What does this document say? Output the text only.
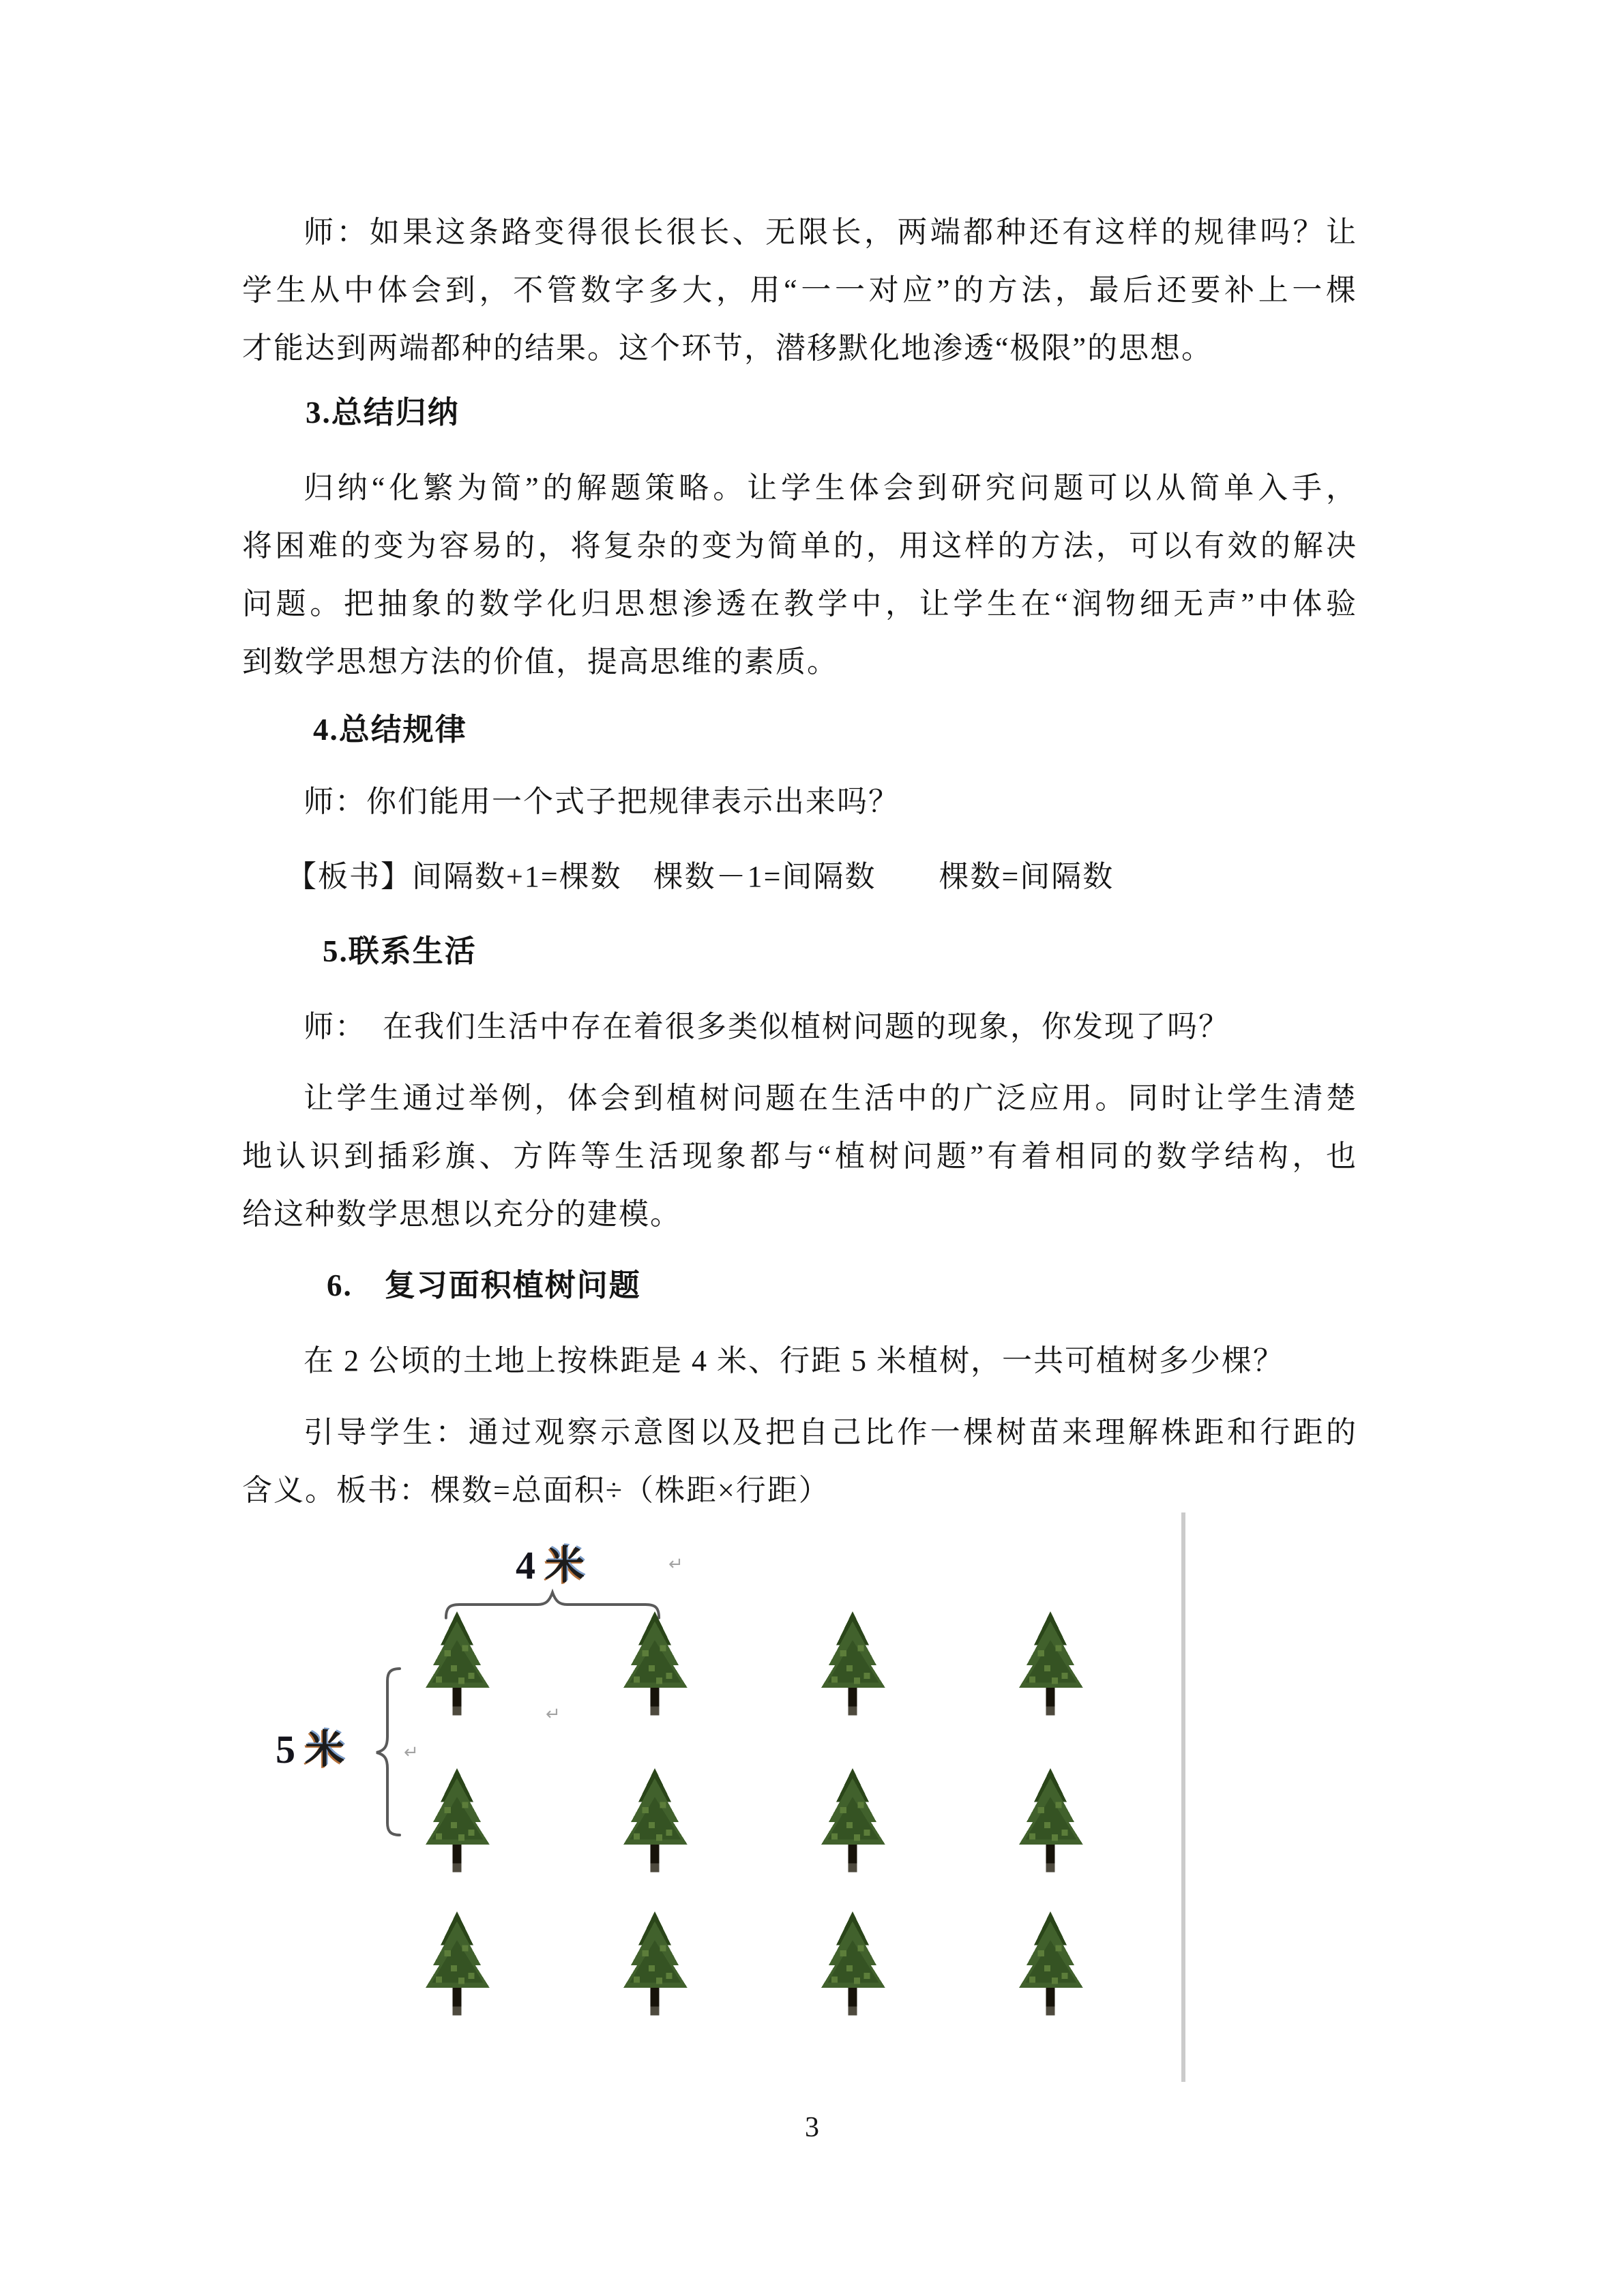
师：如果这条路变得很长很长、无限长，两端都种还有这样的规律吗？让
学生从中体会到，不管数字多大，用“一一对应”的方法，最后还要补上一棵
才能达到两端都种的结果。这个环节，潜移默化地渗透“极限”的思想。
3.总结归纳
归纳“化繁为简”的解题策略。让学生体会到研究问题可以从简单入手，
将困难的变为容易的，将复杂的变为简单的，用这样的方法，可以有效的解决
问题。把抽象的数学化归思想渗透在教学中，让学生在“润物细无声”中体验
到数学思想方法的价值，提高思维的素质。
4.总结规律
师：你们能用一个式子把规律表示出来吗？
【板书】间隔数+1=棵数　棵数－1=间隔数　　棵数=间隔数
5.联系生活
师：　在我们生活中存在着很多类似植树问题的现象，你发现了吗？
让学生通过举例，体会到植树问题在生活中的广泛应用。同时让学生清楚
地认识到插彩旗、方阵等生活现象都与“植树问题”有着相同的数学结构，也
给这种数学思想以充分的建模。
6.　复习面积植树问题
在 2 公顷的土地上按株距是 4 米、行距 5 米植树，一共可植树多少棵？
引导学生：通过观察示意图以及把自己比作一棵树苗来理解株距和行距的
含义。板书：棵数=总面积÷（株距×行距）
4 米
5 米
↵
↵
↵
3
